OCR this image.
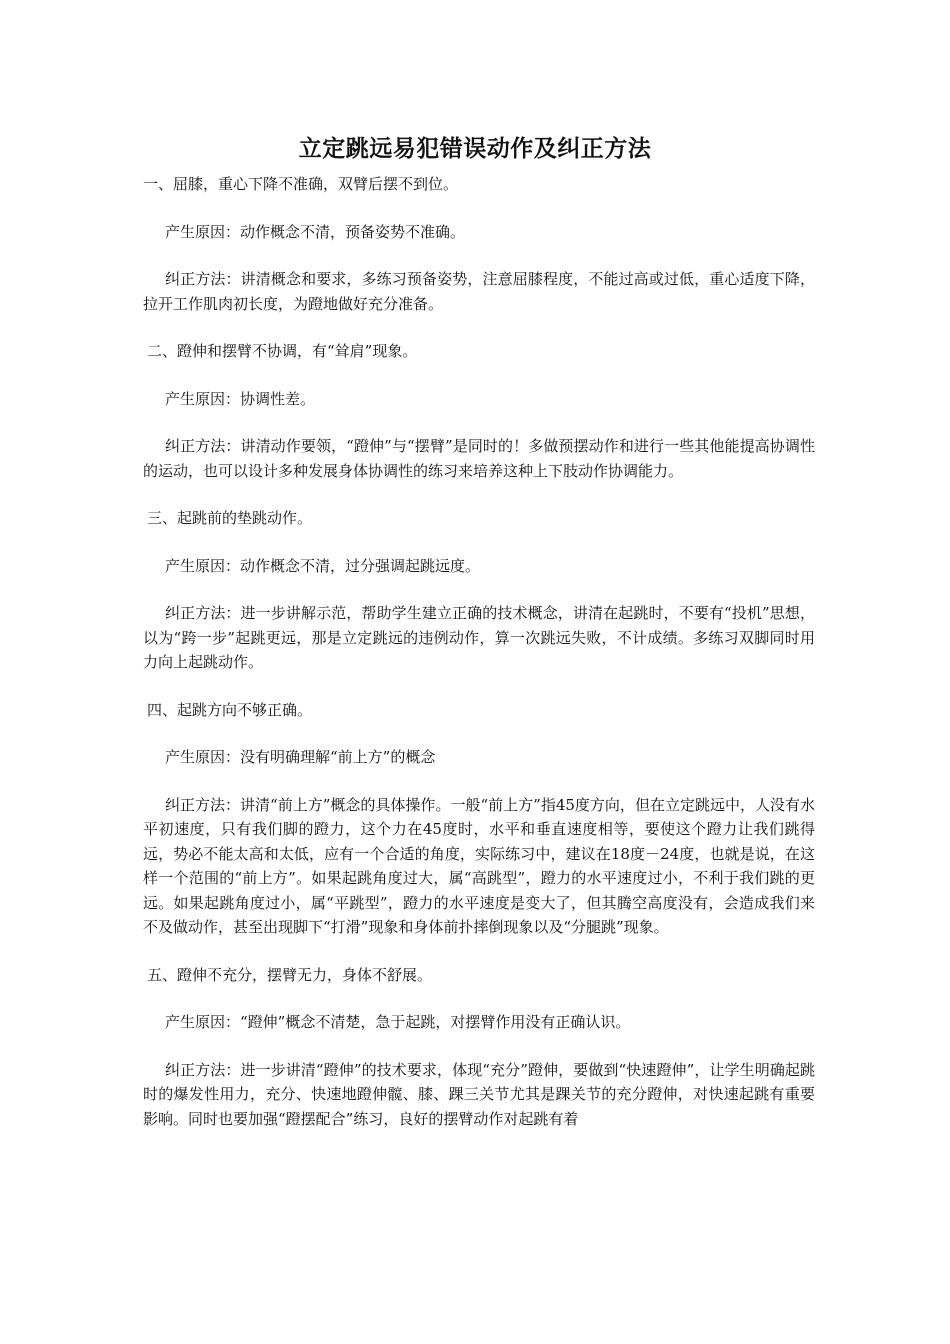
立定跳远易犯错误动作及纠正方法

一、屈膝，重心下降不准确，双臂后摆不到位。

产生原因：动作概念不清，预备姿势不准确。

纠正方法：讲清概念和要求，多练习预备姿势，注意屈膝程度，不能过高或过低，重心适度下降，拉开工作肌肉初长度，为蹬地做好充分准备。

二、蹬伸和摆臂不协调，有“耸肩”现象。

产生原因：协调性差。

纠正方法：讲清动作要领，“蹬伸”与“摆臂”是同时的！多做预摆动作和进行一些其他能提高协调性的运动，也可以设计多种发展身体协调性的练习来培养这种上下肢动作协调能力。

三、起跳前的垫跳动作。

产生原因：动作概念不清，过分强调起跳远度。

纠正方法：进一步讲解示范，帮助学生建立正确的技术概念，讲清在起跳时，不要有“投机”思想，以为“跨一步”起跳更远，那是立定跳远的违例动作，算一次跳远失败，不计成绩。多练习双脚同时用力向上起跳动作。

四、起跳方向不够正确。

产生原因：没有明确理解“前上方”的概念

纠正方法：讲清“前上方”概念的具体操作。一般“前上方”指45度方向，但在立定跳远中，人没有水平初速度，只有我们脚的蹬力，这个力在45度时，水平和垂直速度相等，要使这个蹬力让我们跳得远，势必不能太高和太低，应有一个合适的角度，实际练习中，建议在18度－24度，也就是说，在这样一个范围的“前上方”。如果起跳角度过大，属“高跳型”，蹬力的水平速度过小，不利于我们跳的更远。如果起跳角度过小，属“平跳型”，蹬力的水平速度是变大了，但其腾空高度没有，会造成我们来不及做动作，甚至出现脚下“打滑”现象和身体前扑摔倒现象以及“分腿跳”现象。

五、蹬伸不充分，摆臂无力，身体不舒展。

产生原因：“蹬伸”概念不清楚，急于起跳，对摆臂作用没有正确认识。

纠正方法：进一步讲清“蹬伸”的技术要求，体现“充分”蹬伸，要做到“快速蹬伸”，让学生明确起跳时的爆发性用力，充分、快速地蹬伸髋、膝、踝三关节尤其是踝关节的充分蹬伸，对快速起跳有重要影响。同时也要加强“蹬摆配合”练习，良好的摆臂动作对起跳有着
